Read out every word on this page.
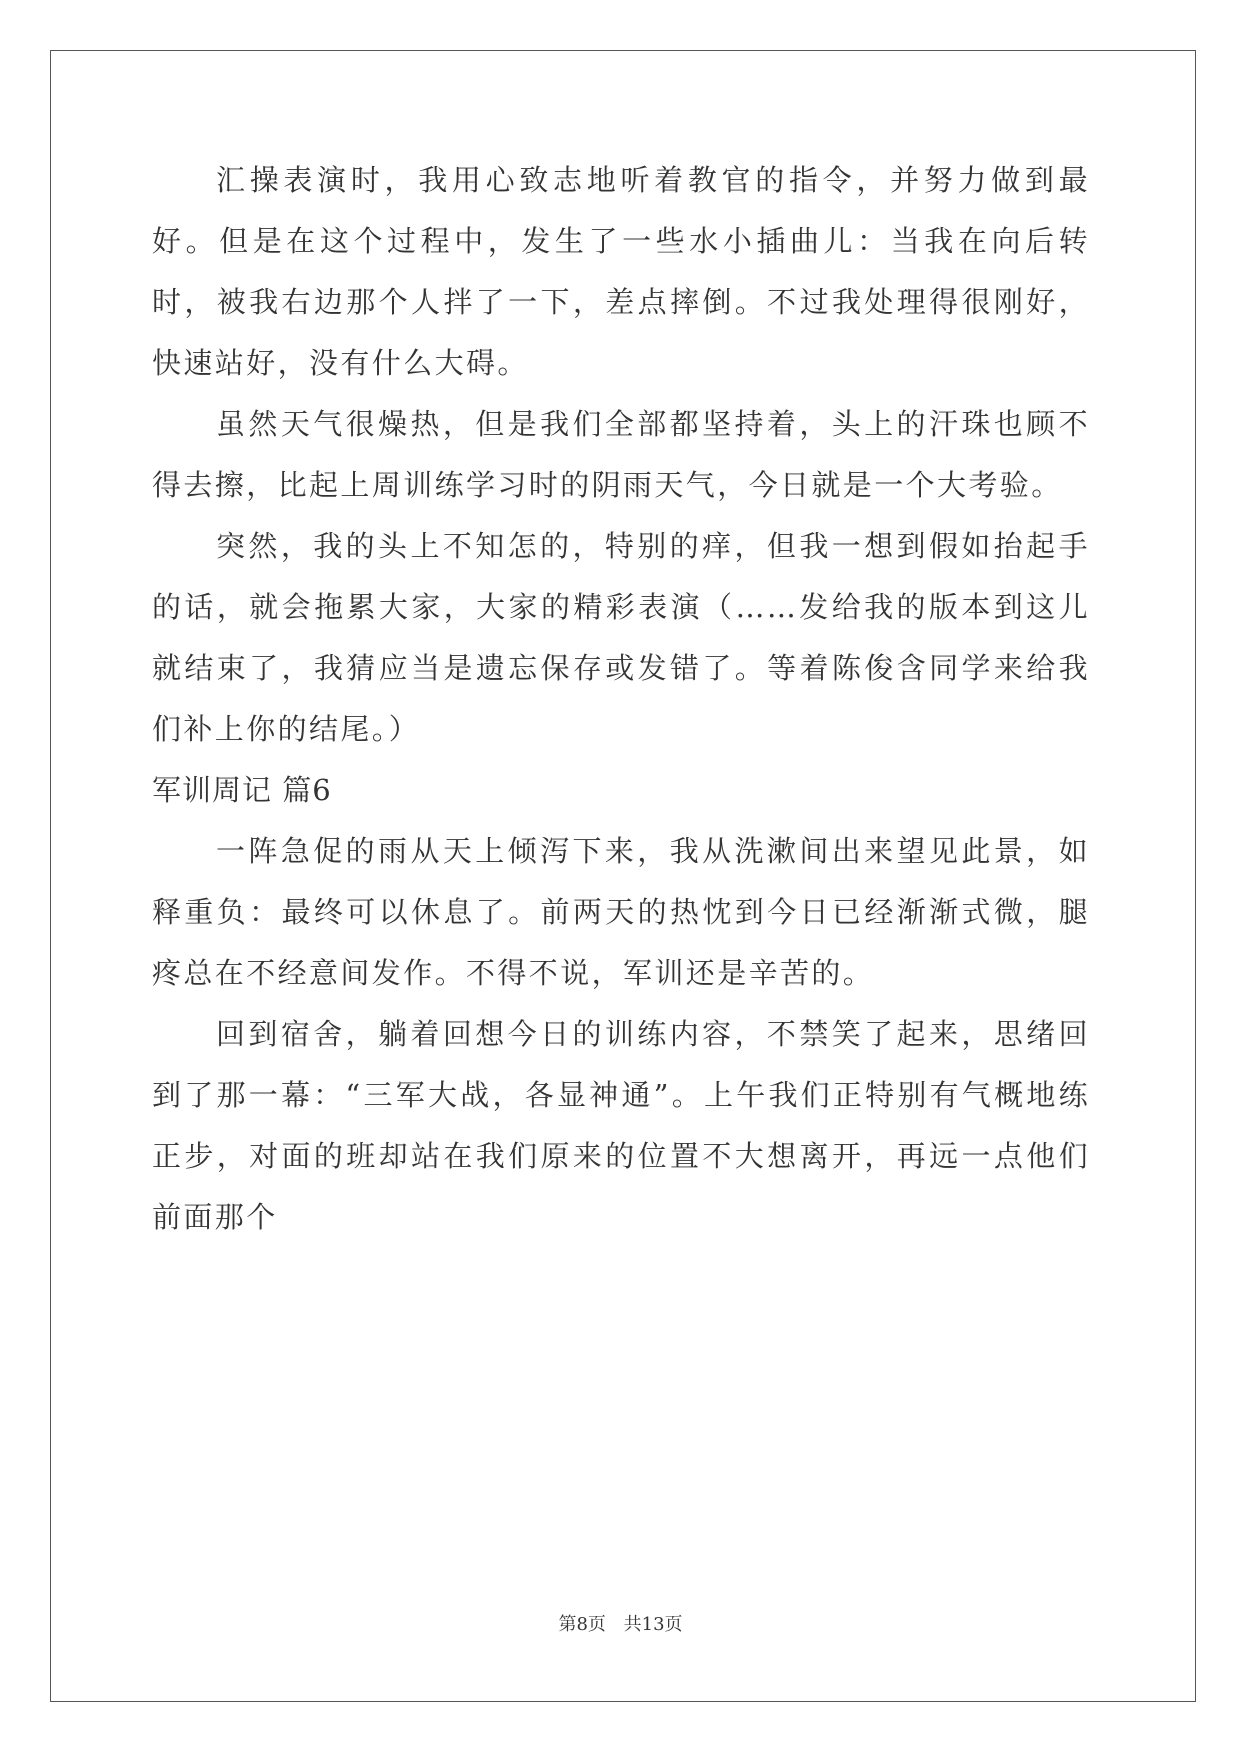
汇操表演时，我用心致志地听着教官的指令，并努力做到最好。但是在这个过程中，发生了一些水小插曲儿：当我在向后转时，被我右边那个人拌了一下，差点摔倒。不过我处理得很刚好，快速站好，没有什么大碍。

虽然天气很燥热，但是我们全部都坚持着，头上的汗珠也顾不得去擦，比起上周训练学习时的阴雨天气，今日就是一个大考验。

突然，我的头上不知怎的，特别的痒，但我一想到假如抬起手的话，就会拖累大家，大家的精彩表演（……发给我的版本到这儿就结束了，我猜应当是遗忘保存或发错了。等着陈俊含同学来给我们补上你的结尾。）

军训周记 篇6

一阵急促的雨从天上倾泻下来，我从洗漱间出来望见此景，如释重负：最终可以休息了。前两天的热忱到今日已经渐渐式微，腿疼总在不经意间发作。不得不说，军训还是辛苦的。

回到宿舍，躺着回想今日的训练内容，不禁笑了起来，思绪回到了那一幕：“三军大战，各显神通”。上午我们正特别有气概地练正步，对面的班却站在我们原来的位置不大想离开，再远一点他们前面那个

第8页 共13页
